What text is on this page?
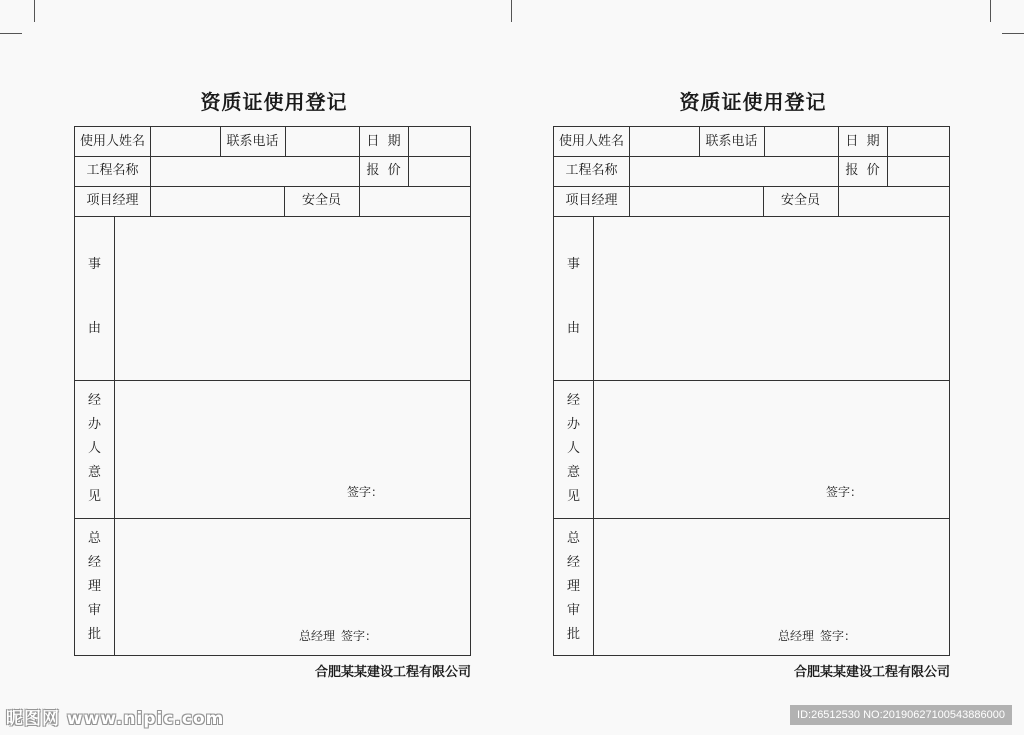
资质证使用登记
使用人姓名	联系电话	日  期
工程名称	报  价
项目经理	安全员
事
由
经
办
人
意
见	签字：
总
经
理
审
批	总经理 签字：
合肥某某建设工程有限公司
资质证使用登记
使用人姓名	联系电话	日  期
工程名称	报  价
项目经理	安全员
事
由
经
办
人
意
见	签字：
总
经
理
审
批	总经理 签字：
合肥某某建设工程有限公司
昵图网 www.nipic.com	ID:26512530 NO:20190627100543886000
